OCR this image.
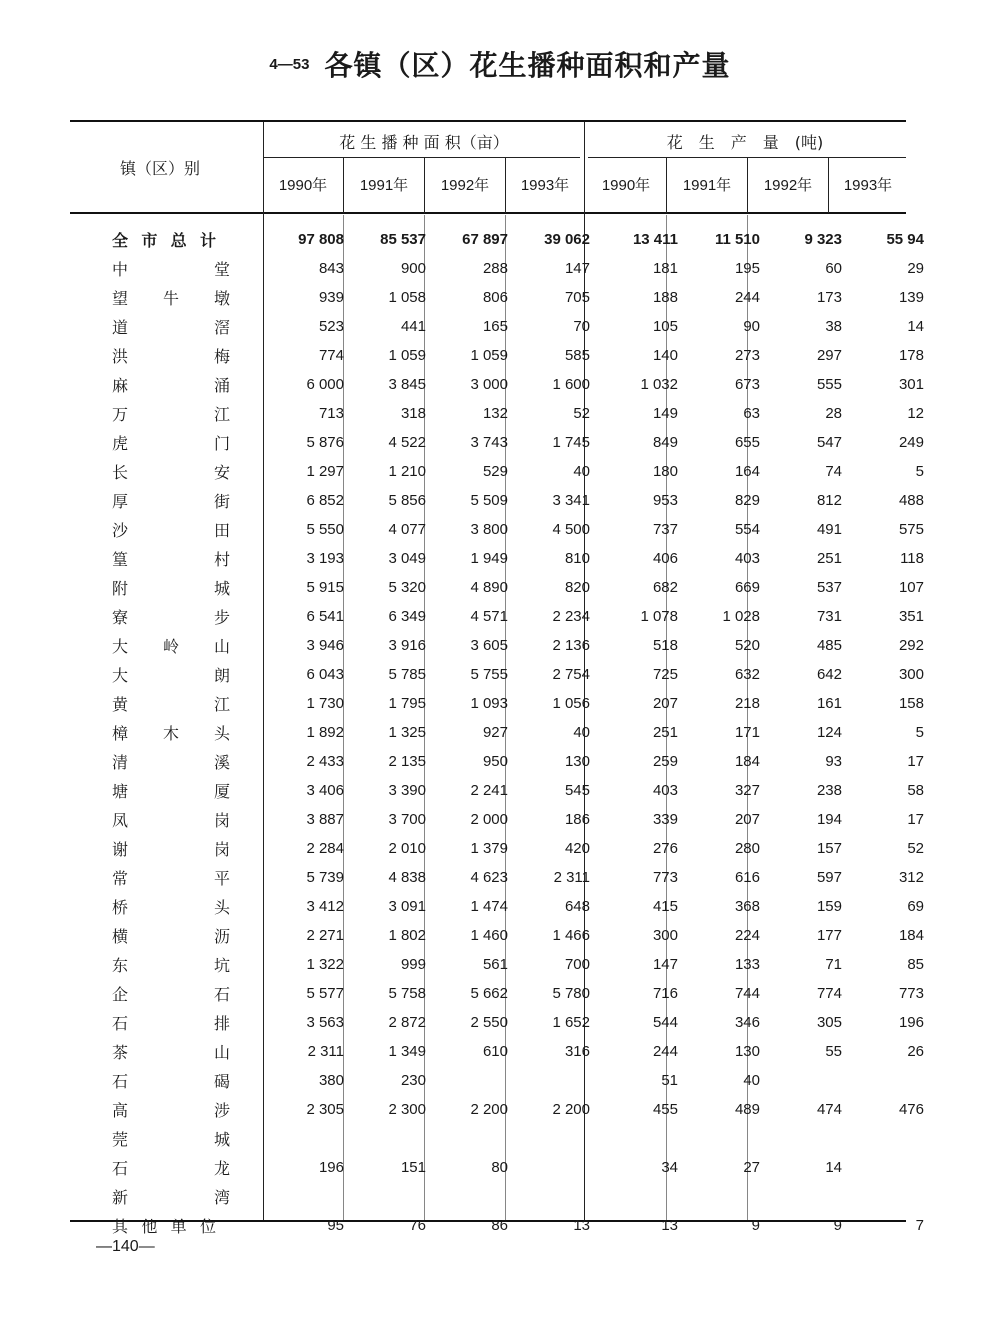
4—53 各镇（区）花生播种面积和产量
镇（区）别
花 生 播 种 面 积（亩）	花　生　产　量　(吨)
1990年	1991年	1992年	1993年	1990年	1991年	1992年	1993年
全 市 总 计	97 808	85 537	67 897	39 062		13 411	11 510	9 323	55 94

中 堂	843	900	288	147		181	195	60	29

望 牛 墩	939	1 058	806	705		188	244	173	139

道 滘	523	441	165	70		105	90	38	14

洪 梅	774	1 059	1 059	585		140	273	297	178

麻 涌	6 000	3 845	3 000	1 600		1 032	673	555	301

万 江	713	318	132	52		149	63	28	12

虎 门	5 876	4 522	3 743	1 745		849	655	547	249

长 安	1 297	1 210	529	40		180	164	74	5

厚 街	6 852	5 856	5 509	3 341		953	829	812	488

沙 田	5 550	4 077	3 800	4 500		737	554	491	575

篁 村	3 193	3 049	1 949	810		406	403	251	118

附 城	5 915	5 320	4 890	820		682	669	537	107

寮 步	6 541	6 349	4 571	2 234		1 078	1 028	731	351

大 岭 山	3 946	3 916	3 605	2 136		518	520	485	292

大 朗	6 043	5 785	5 755	2 754		725	632	642	300

黄 江	1 730	1 795	1 093	1 056		207	218	161	158

樟 木 头	1 892	1 325	927	40		251	171	124	5

清 溪	2 433	2 135	950	130		259	184	93	17

塘 厦	3 406	3 390	2 241	545		403	327	238	58

凤 岗	3 887	3 700	2 000	186		339	207	194	17

谢 岗	2 284	2 010	1 379	420		276	280	157	52

常 平	5 739	4 838	4 623	2 311		773	616	597	312

桥 头	3 412	3 091	1 474	648		415	368	159	69

横 沥	2 271	1 802	1 460	1 466		300	224	177	184

东 坑	1 322	999	561	700		147	133	71	85

企 石	5 577	5 758	5 662	5 780		716	744	774	773

石 排	3 563	2 872	2 550	1 652		544	346	305	196

茶 山	2 311	1 349	610	316		244	130	55	26

石 碣	380	230				51	40		

高 涉	2 305	2 300	2 200	2 200		455	489	474	476

莞 城									

石 龙	196	151	80			34	27	14	

新 湾									

其 他 单 位	95	76	86	13		13	9	9	7
—140—
